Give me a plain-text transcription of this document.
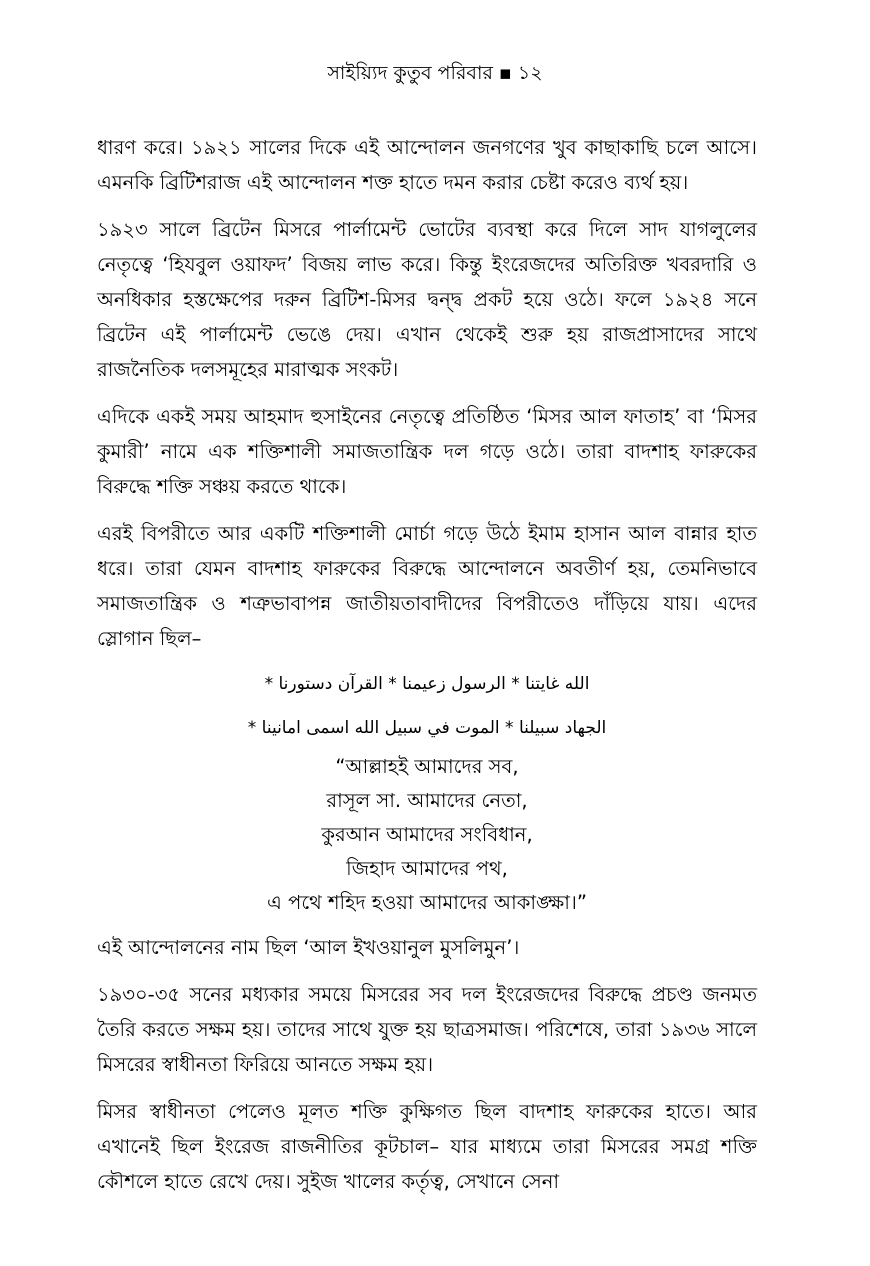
সাইয়্যিদ কুতুব পরিবার ▪ ১২

ধারণ করে। ১৯২১ সালের দিকে এই আন্দোলন জনগণের খুব কাছাকাছি চলে আসে। এমনকি ব্রিটিশরাজ এই আন্দোলন শক্ত হাতে দমন করার চেষ্টা করেও ব্যর্থ হয়।

১৯২৩ সালে ব্রিটেন মিসরে পার্লামেন্ট ভোটের ব্যবস্থা করে দিলে সাদ যাগলুলের নেতৃত্বে ‘হিযবুল ওয়াফদ’ বিজয় লাভ করে। কিন্তু ইংরেজদের অতিরিক্ত খবরদারি ও অনধিকার হস্তক্ষেপের দরুন ব্রিটিশ-মিসর দ্বন্দ্ব প্রকট হয়ে ওঠে। ফলে ১৯২৪ সনে ব্রিটেন এই পার্লামেন্ট ভেঙে দেয়। এখান থেকেই শুরু হয় রাজপ্রাসাদের সাথে রাজনৈতিক দলসমূহের মারাত্মক সংকট।

এদিকে একই সময় আহমাদ হুসাইনের নেতৃত্বে প্রতিষ্ঠিত ‘মিসর আল ফাতাহ’ বা ‘মিসর কুমারী’ নামে এক শক্তিশালী সমাজতান্ত্রিক দল গড়ে ওঠে। তারা বাদশাহ ফারুকের বিরুদ্ধে শক্তি সঞ্চয় করতে থাকে।

এরই বিপরীতে আর একটি শক্তিশালী মোর্চা গড়ে উঠে ইমাম হাসান আল বান্নার হাত ধরে। তারা যেমন বাদশাহ ফারুকের বিরুদ্ধে আন্দোলনে অবতীর্ণ হয়, তেমনিভাবে সমাজতান্ত্রিক ও শত্রুভাবাপন্ন জাতীয়তাবাদীদের বিপরীতেও দাঁড়িয়ে যায়। এদের স্লোগান ছিল–

الله غايتنا * الرسول زعيمنا * القرآن دستورنا *
الجهاد سبيلنا * الموت في سبيل الله اسمى امانينا *
“আল্লাহই আমাদের সব,
রাসূল সা. আমাদের নেতা,
কুরআন আমাদের সংবিধান,
জিহাদ আমাদের পথ,
এ পথে শহিদ হওয়া আমাদের আকাঙ্ক্ষা।”

এই আন্দোলনের নাম ছিল ‘আল ইখওয়ানুল মুসলিমুন’।

১৯৩০-৩৫ সনের মধ্যকার সময়ে মিসরের সব দল ইংরেজদের বিরুদ্ধে প্রচণ্ড জনমত তৈরি করতে সক্ষম হয়। তাদের সাথে যুক্ত হয় ছাত্রসমাজ। পরিশেষে, তারা ১৯৩৬ সালে মিসরের স্বাধীনতা ফিরিয়ে আনতে সক্ষম হয়।

মিসর স্বাধীনতা পেলেও মূলত শক্তি কুক্ষিগত ছিল বাদশাহ ফারুকের হাতে। আর এখানেই ছিল ইংরেজ রাজনীতির কূটচাল– যার মাধ্যমে তারা মিসরের সমগ্র শক্তি কৌশলে হাতে রেখে দেয়। সুইজ খালের কর্তৃত্ব, সেখানে সেনা
